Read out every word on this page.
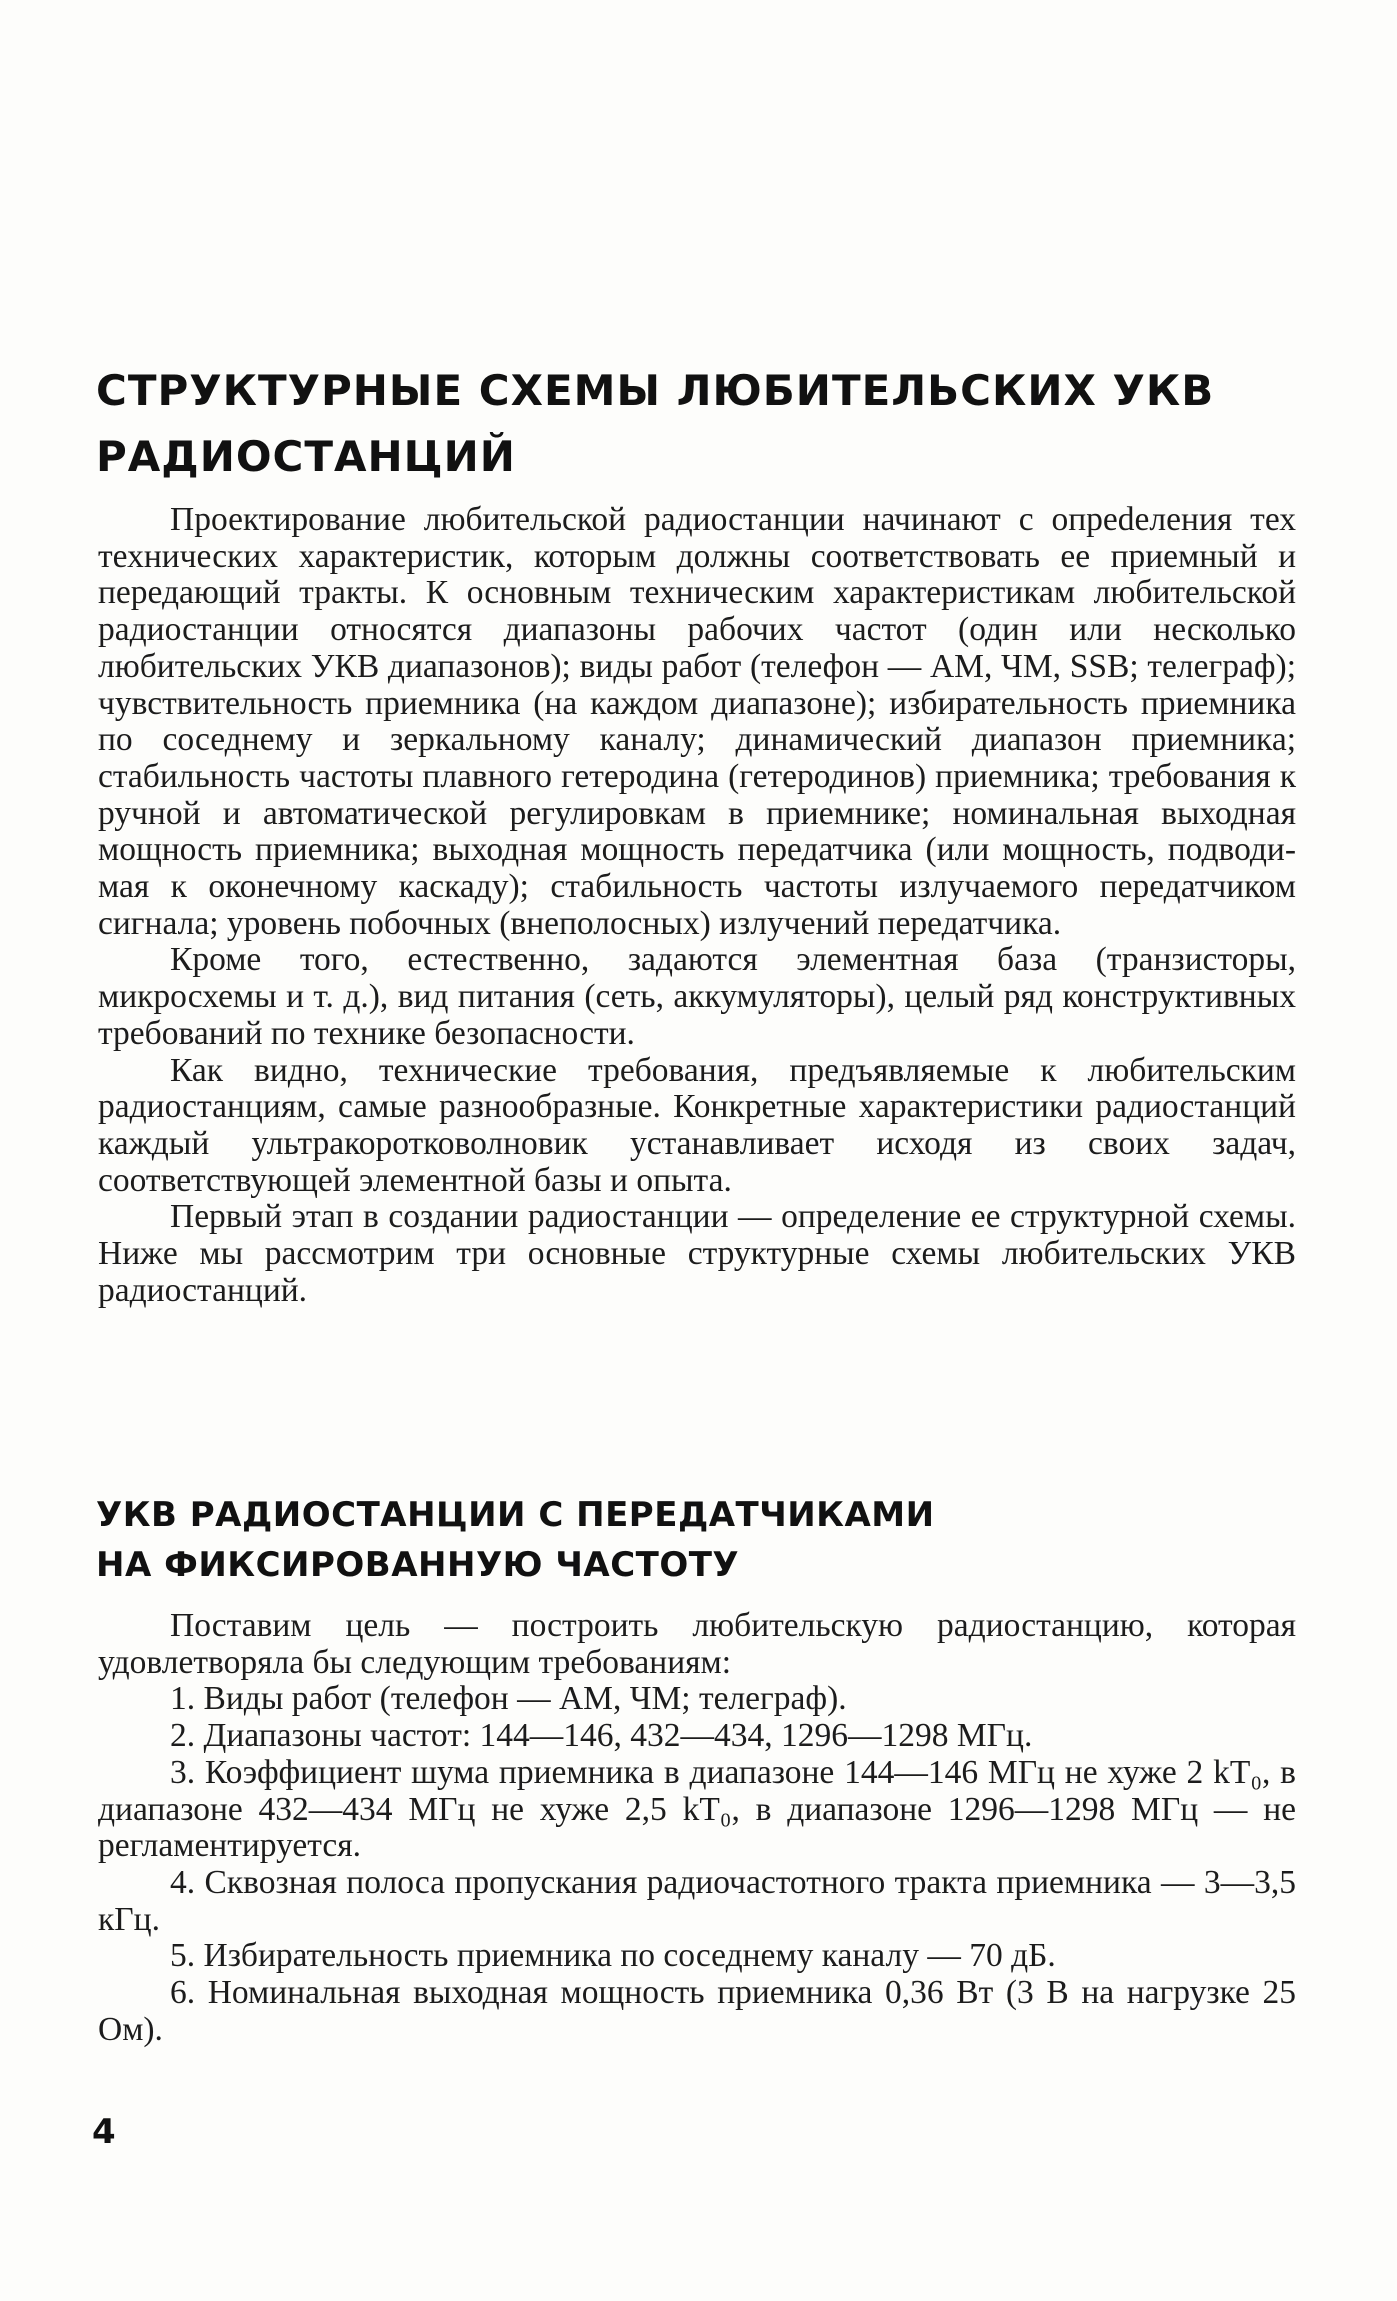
СТРУКТУРНЫЕ СХЕМЫ ЛЮБИТЕЛЬСКИХ УКВ
РАДИОСТАНЦИЙ

Проектирование любительской радиостанции начинают с опреdеления тех технических характеристик, которым должны соответствовать ее приемный и передающий тракты. К основным техническим характеристикам любительской радиостанции относятся диапазоны рабочих частот (один или несколько любительских УКВ диапазонов); виды работ (телефон — АМ, ЧМ, SSB; телеграф); чувствительность приемника (на каждом диапазоне); избирательность приемника по соседнему и зеркальному каналу; динамический диапазон приемника; стабильность частоты плавного гетеродина (гетеродинов) приемника; требования к ручной и автоматической регулировкам в приемнике; номинальная выходная мощность приемника; выходная мощность передатчика (или мощность, подводимая к оконечному каскаду); стабильность частоты излучаемого передатчиком сигнала; уровень побочных (внеполосных) излучений передатчика.

Кроме того, естественно, задаются элементная база (транзисторы, микросхемы и т. д.), вид питания (сеть, аккумуляторы), целый ряд конструктивных требований по технике безопасности.

Как видно, технические требования, предъявляемые к любительским радиостанциям, самые разнообразные. Конкретные характеристики радиостанций каждый ультракоротковолновик устанавливает исходя из своих задач, соответствующей элементной базы и опыта.

Первый этап в создании радиостанции — определение ее структурной схемы. Ниже мы рассмотрим три основные структурные схемы любительских УКВ радиостанций.

УКВ РАДИОСТАНЦИИ С ПЕРЕДАТЧИКАМИ
НА ФИКСИРОВАННУЮ ЧАСТОТУ

Поставим цель — построить любительскую радиостанцию, которая удовлетворяла бы следующим требованиям:

1. Виды работ (телефон — АМ, ЧМ; телеграф).
2. Диапазоны частот: 144—146, 432—434, 1296—1298 МГц.
3. Коэффициент шума приемника в диапазоне 144—146 МГц не хуже 2 kT₀, в диапазоне 432—434 МГц не хуже 2,5 kT₀, в диапазоне 1296—1298 МГц — не регламентируется.
4. Сквозная полоса пропускания радиочастотного тракта приемника — 3—3,5 кГц.
5. Избирательность приемника по соседнему каналу — 70 дБ.
6. Номинальная выходная мощность приемника 0,36 Вт (3 В на нагрузке 25 Ом).
4
